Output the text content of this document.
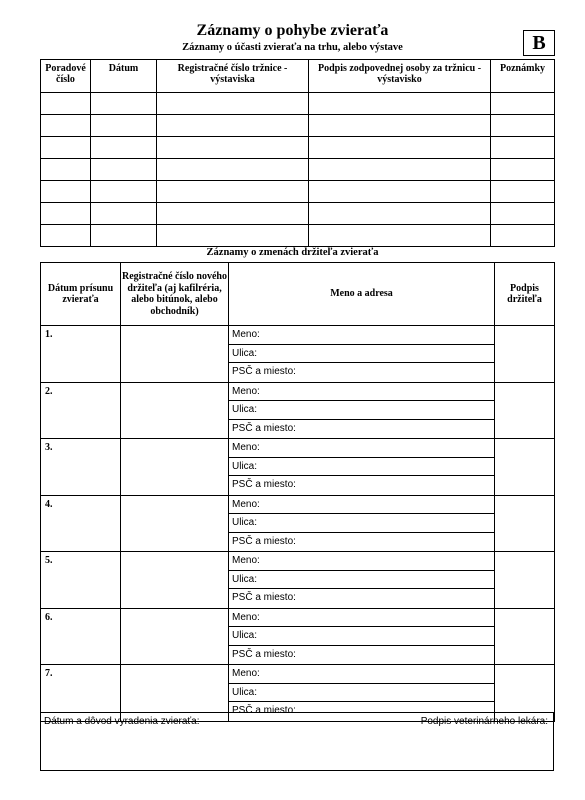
Záznamy o pohybe zvieraťa
Záznamy o účasti zvieraťa na trhu, alebo výstave	B
Poradové číslo	Dátum	Registračné číslo tržnice - výstaviska	Podpis zodpovednej osoby za tržnicu - výstavisko	Poznámky

Záznamy o zmenách držiteľa zvieraťa
Dátum prísunu zvieraťa	Registračné číslo nového držiteľa (aj kafilréria, alebo bitúnok, alebo obchodník)	Meno a adresa	Podpis držiteľa

1.		Meno:
Ulica:
PSČ a miesto:	

2.		Meno:
Ulica:
PSČ a miesto:	

3.		Meno:
Ulica:
PSČ a miesto:	

4.		Meno:
Ulica:
PSČ a miesto:	

5.		Meno:
Ulica:
PSČ a miesto:	

6.		Meno:
Ulica:
PSČ a miesto:	

7.		Meno:
Ulica:
PSČ a miesto:	

Dátum a dôvod vyradenia zvieraťa:	Podpis veterinárneho lekára:
